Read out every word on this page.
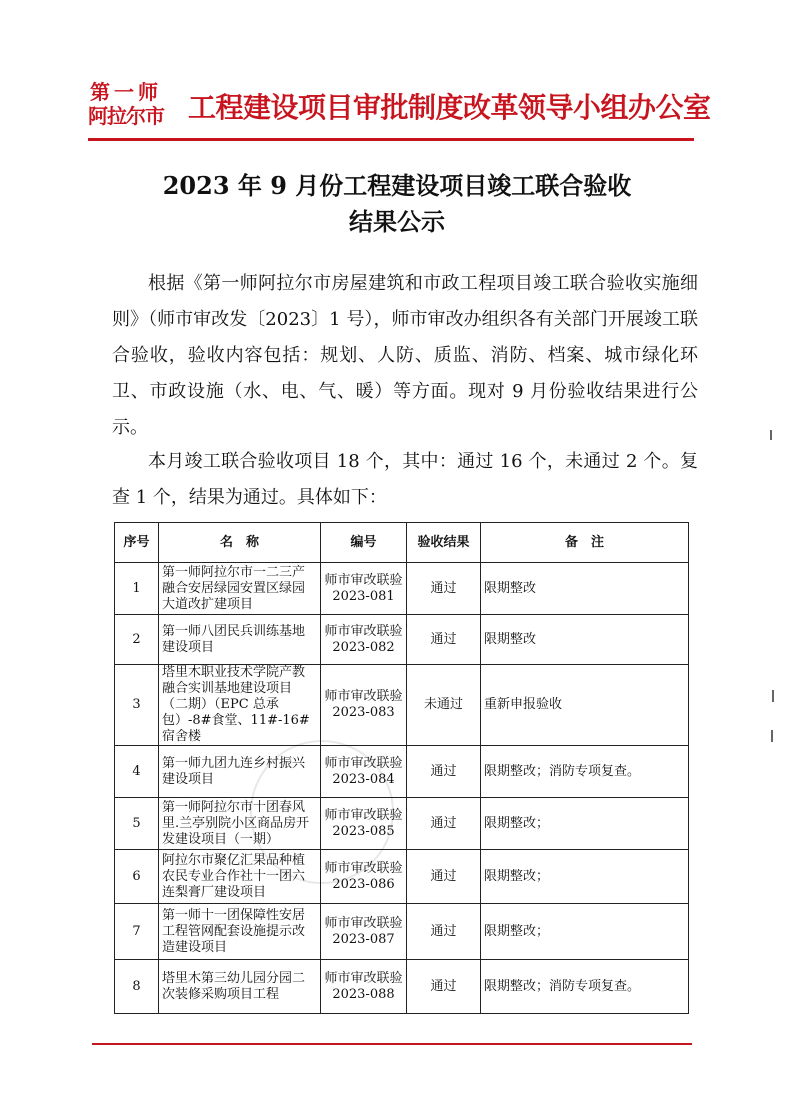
第一师
阿拉尔市 工程建设项目审批制度改革领导小组办公室
2023 年 9 月份工程建设项目竣工联合验收
结果公示
根据《第一师阿拉尔市房屋建筑和市政工程项目竣工联合验收实施细则》（师市审改发〔2023〕1 号），师市审改办组织各有关部门开展竣工联合验收，验收内容包括：规划、人防、质监、消防、档案、城市绿化环卫、市政设施（水、电、气、暖）等方面。现对 9 月份验收结果进行公示。
本月竣工联合验收项目 18 个，其中：通过 16 个，未通过 2 个。复查 1 个，结果为通过。具体如下：
序号	名　称	编号	验收结果	备　注
1	第一师阿拉尔市一二三产融合安居绿园安置区绿园大道改扩建项目	师市审改联验2023-081	通过	限期整改
2	第一师八团民兵训练基地建设项目	师市审改联验2023-082	通过	限期整改
3	塔里木职业技术学院产教融合实训基地建设项目（二期）（EPC 总承包）-8#食堂、11#-16#宿舍楼	师市审改联验2023-083	未通过	重新申报验收
4	第一师九团九连乡村振兴建设项目	师市审改联验2023-084	通过	限期整改；消防专项复查。
5	第一师阿拉尔市十团春风里.兰亭别院小区商品房开发建设项目（一期）	师市审改联验2023-085	通过	限期整改；
6	阿拉尔市聚亿汇果品种植农民专业合作社十一团六连梨膏厂建设项目	师市审改联验2023-086	通过	限期整改；
7	第一师十一团保障性安居工程管网配套设施提示改造建设项目	师市审改联验2023-087	通过	限期整改；
8	塔里木第三幼儿园分园二次装修采购项目工程	师市审改联验2023-088	通过	限期整改；消防专项复查。
